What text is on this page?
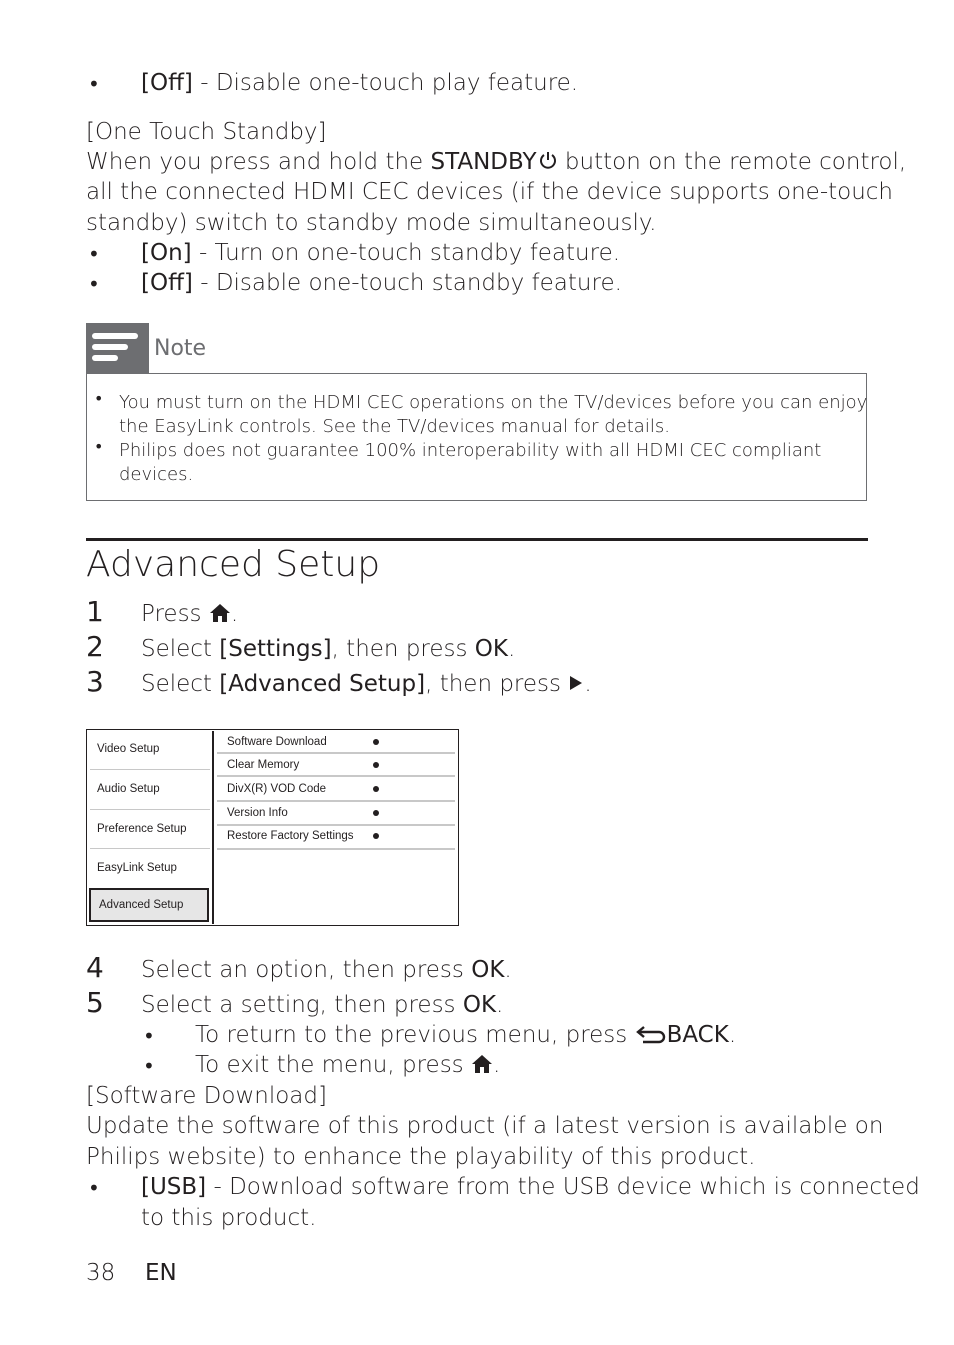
• [Off] - Disable one-touch play feature.
[One Touch Standby]
When you press and hold the STANDBY button on the remote control,
all the connected HDMI CEC devices (if the device supports one-touch
standby) switch to standby mode simultaneously.
• [On] - Turn on one-touch standby feature.
• [Off] - Disable one-touch standby feature.
Note
• You must turn on the HDMI CEC operations on the TV/devices before you can enjoy
the EasyLink controls. See the TV/devices manual for details.
• Philips does not guarantee 100% interoperability with all HDMI CEC compliant
devices.
Advanced Setup
1 Press .
2 Select [Settings], then press OK.
3 Select [Advanced Setup], then press .
Video Setup
Audio Setup
Preference Setup
EasyLink Setup
Advanced Setup
Software Download
Clear Memory
DivX(R) VOD Code
Version Info
Restore Factory Settings
4 Select an option, then press OK.
5 Select a setting, then press OK.
• To return to the previous menu, press BACK.
• To exit the menu, press .
[Software Download]
Update the software of this product (if a latest version is available on
Philips website) to enhance the playability of this product.
• [USB] - Download software from the USB device which is connected
to this product.
38 EN
